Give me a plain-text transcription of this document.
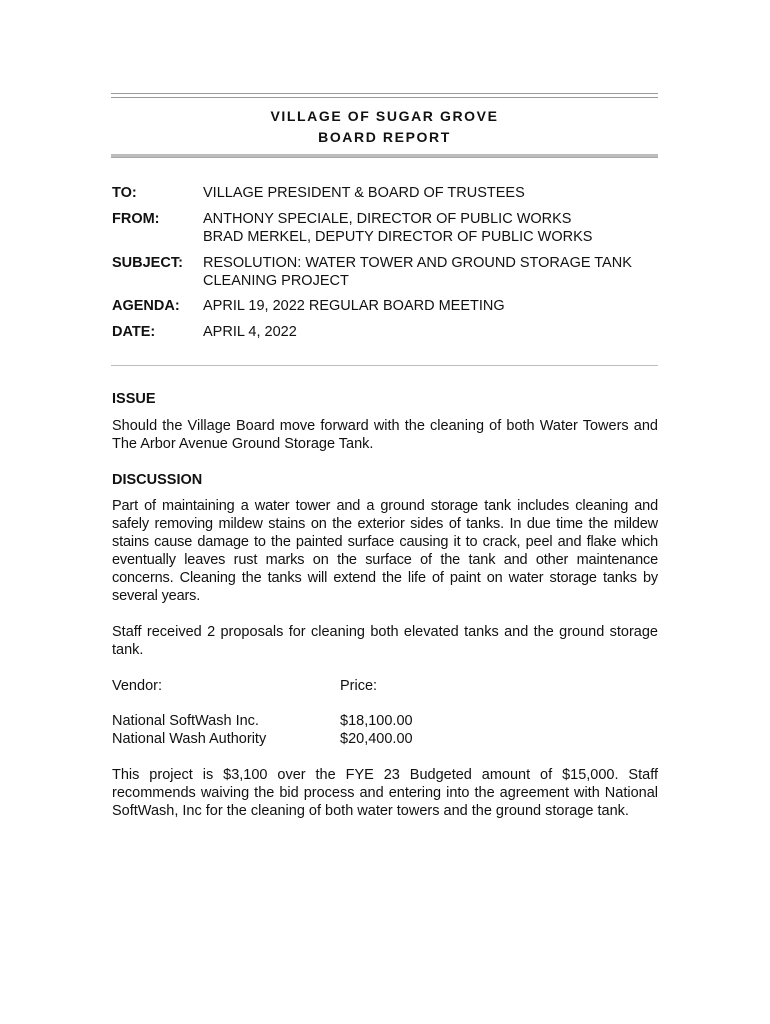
VILLAGE OF SUGAR GROVE
BOARD REPORT
TO:	VILLAGE PRESIDENT & BOARD OF TRUSTEES
FROM:	ANTHONY SPECIALE, DIRECTOR OF PUBLIC WORKS
BRAD MERKEL, DEPUTY DIRECTOR OF PUBLIC WORKS
SUBJECT: RESOLUTION: WATER TOWER AND GROUND STORAGE TANK
CLEANING PROJECT
AGENDA: APRIL 19, 2022 REGULAR BOARD MEETING
DATE:	APRIL 4, 2022
ISSUE
Should the Village Board move forward with the cleaning of both Water Towers and The Arbor Avenue Ground Storage Tank.
DISCUSSION
Part of maintaining a water tower and a ground storage tank includes cleaning and safely removing mildew stains on the exterior sides of tanks. In due time the mildew stains cause damage to the painted surface causing it to crack, peel and flake which eventually leaves rust marks on the surface of the tank and other maintenance concerns. Cleaning the tanks will extend the life of paint on water storage tanks by several years.
Staff received 2 proposals for cleaning both elevated tanks and the ground storage tank.
Vendor:	Price:
National SoftWash Inc.	$18,100.00
National Wash Authority	$20,400.00
This project is $3,100 over the FYE 23 Budgeted amount of $15,000. Staff recommends waiving the bid process and entering into the agreement with National SoftWash, Inc for the cleaning of both water towers and the ground storage tank.
